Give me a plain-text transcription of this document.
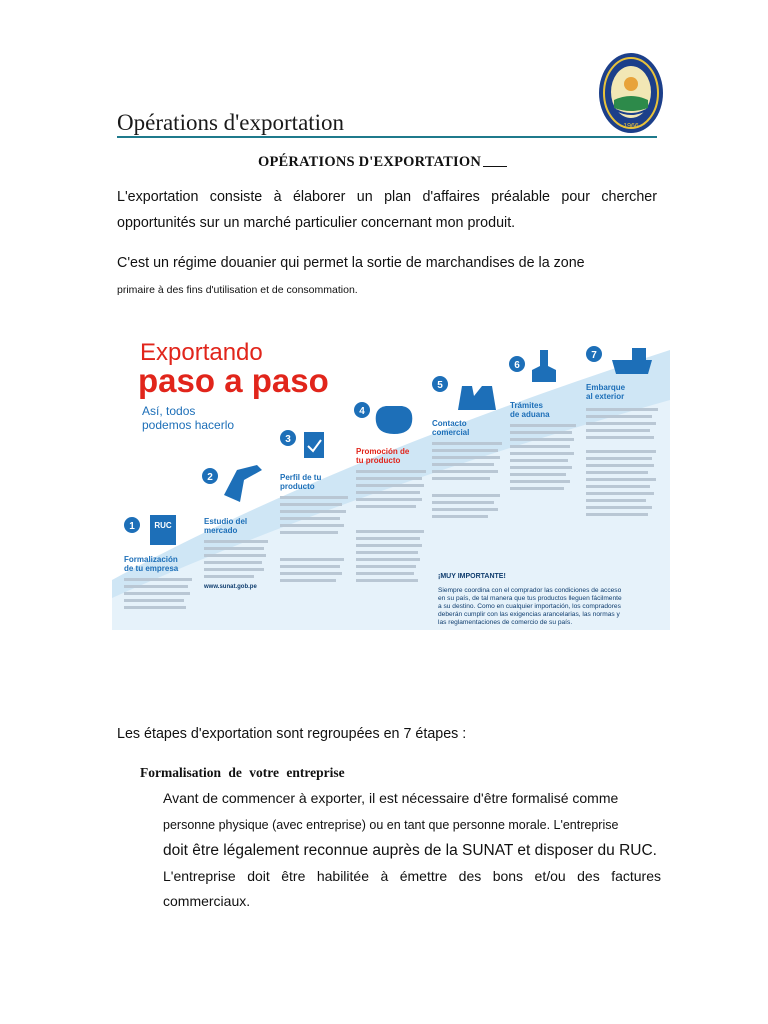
Opérations d'exportation	1966
OPÉRATIONS D'EXPORTATION
L'exportation consiste à élaborer un plan d'affaires préalable pour chercher opportunités sur un marché particulier concernant mon produit.
C'est un régime douanier qui permet la sortie de marchandises de la zone
primaire à des fins d'utilisation et de consommation.
Exportando
paso a paso
Así, todos
podemos hacerlo
1 RUC
Formalización
de tu empresa
2
Estudio del
mercado
3
Perfil de tu
producto
4
Promoción de
tu producto
5
Contacto
comercial
6
Trámites
de aduana
7
Embarque
al exterior
¡MUY IMPORTANTE!
Siempre coordina con el comprador las condiciones de acceso
en su país, de tal manera que tus productos lleguen fácilmente
a su destino. Como en cualquier importación, los compradores
deberán cumplir con las exigencias arancelarias, las normas y
las reglamentaciones de comercio de su país.
www.sunat.gob.pe
Les étapes d'exportation sont regroupées en 7 étapes :
Formalisation de votre entreprise
Avant de commencer à exporter, il est nécessaire d'être formalisé comme
personne physique (avec entreprise) ou en tant que personne morale. L'entreprise
doit être légalement reconnue auprès de la SUNAT et disposer du RUC.
L'entreprise doit être habilitée à émettre des bons et/ou des factures commerciaux.
